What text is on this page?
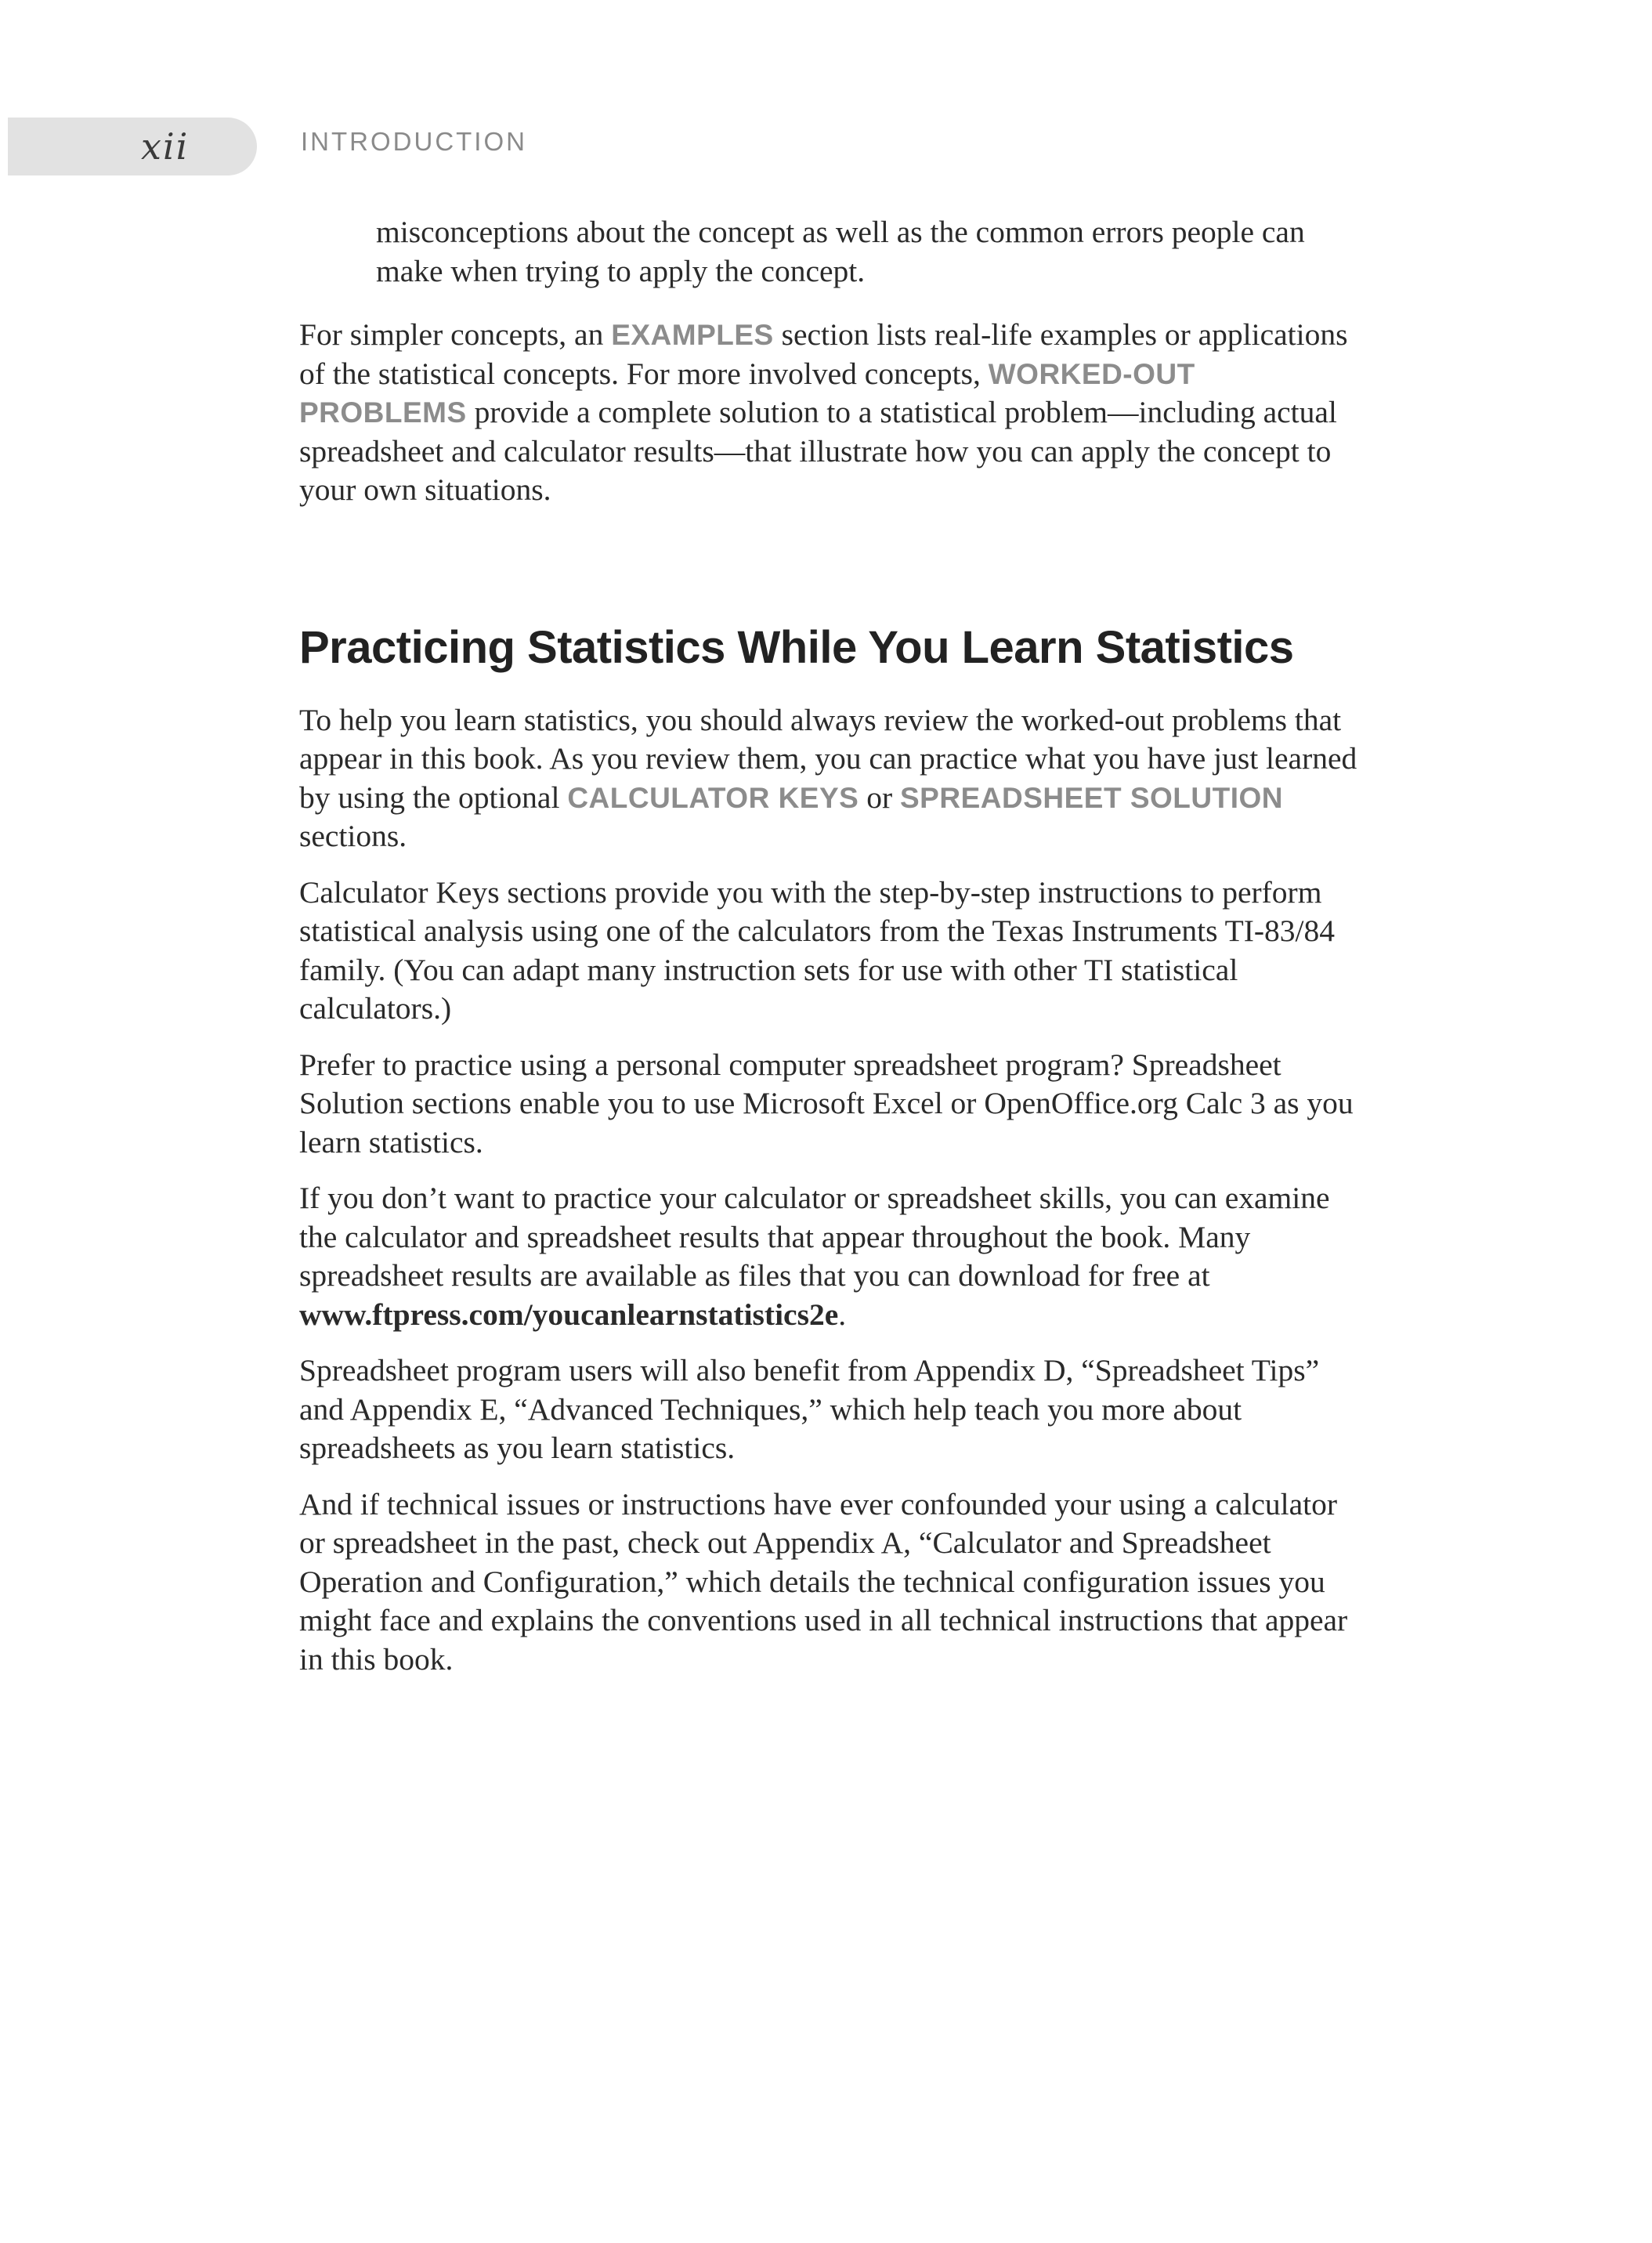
xii	INTRODUCTION

misconceptions about the concept as well as the common errors people can make when trying to apply the concept.

For simpler concepts, an EXAMPLES section lists real-life examples or applications of the statistical concepts. For more involved concepts, WORKED-OUT PROBLEMS provide a complete solution to a statistical problem—including actual spreadsheet and calculator results—that illustrate how you can apply the concept to your own situations.

Practicing Statistics While You Learn Statistics

To help you learn statistics, you should always review the worked-out problems that appear in this book. As you review them, you can practice what you have just learned by using the optional CALCULATOR KEYS or SPREADSHEET SOLUTION sections.

Calculator Keys sections provide you with the step-by-step instructions to perform statistical analysis using one of the calculators from the Texas Instruments TI-83/84 family. (You can adapt many instruction sets for use with other TI statistical calculators.)

Prefer to practice using a personal computer spreadsheet program? Spreadsheet Solution sections enable you to use Microsoft Excel or OpenOffice.org Calc 3 as you learn statistics.

If you don’t want to practice your calculator or spreadsheet skills, you can examine the calculator and spreadsheet results that appear throughout the book. Many spreadsheet results are available as files that you can download for free at www.ftpress.com/youcanlearnstatistics2e.

Spreadsheet program users will also benefit from Appendix D, “Spreadsheet Tips” and Appendix E, “Advanced Techniques,” which help teach you more about spreadsheets as you learn statistics.

And if technical issues or instructions have ever confounded your using a calculator or spreadsheet in the past, check out Appendix A, “Calculator and Spreadsheet Operation and Configuration,” which details the technical configuration issues you might face and explains the conventions used in all technical instructions that appear in this book.
